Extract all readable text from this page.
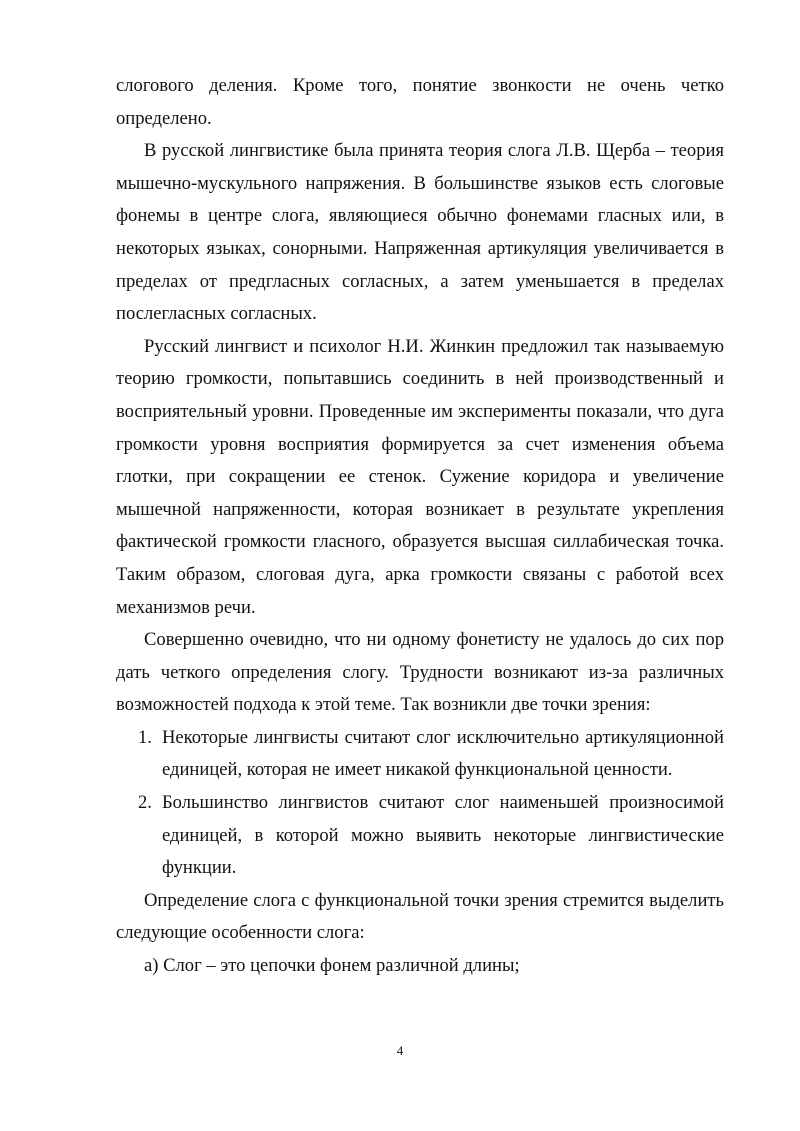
слогового деления. Кроме того, понятие звонкости не очень четко определено.

В русской лингвистике была принята теория слога Л.В. Щерба – теория мышечно-мускульного напряжения. В большинстве языков есть слоговые фонемы в центре слога, являющиеся обычно фонемами гласных или, в некоторых языках, сонорными. Напряженная артикуляция увеличивается в пределах от предгласных согласных, а затем уменьшается в пределах послегласных согласных.

Русский лингвист и психолог Н.И. Жинкин предложил так называемую теорию громкости, попытавшись соединить в ней производственный и восприятельный уровни. Проведенные им эксперименты показали, что дуга громкости уровня восприятия формируется за счет изменения объема глотки, при сокращении ее стенок. Сужение коридора и увеличение мышечной напряженности, которая возникает в результате укрепления фактической громкости гласного, образуется высшая силлабическая точка. Таким образом, слоговая дуга, арка громкости связаны с работой всех механизмов речи.

Совершенно очевидно, что ни одному фонетисту не удалось до сих пор дать четкого определения слогу. Трудности возникают из-за различных возможностей подхода к этой теме. Так возникли две точки зрения:

1. Некоторые лингвисты считают слог исключительно артикуляционной единицей, которая не имеет никакой функциональной ценности.
2. Большинство лингвистов считают слог наименьшей произносимой единицей, в которой можно выявить некоторые лингвистические функции.

Определение слога с функциональной точки зрения стремится выделить следующие особенности слога:

а) Слог – это цепочки фонем различной длины;

4
